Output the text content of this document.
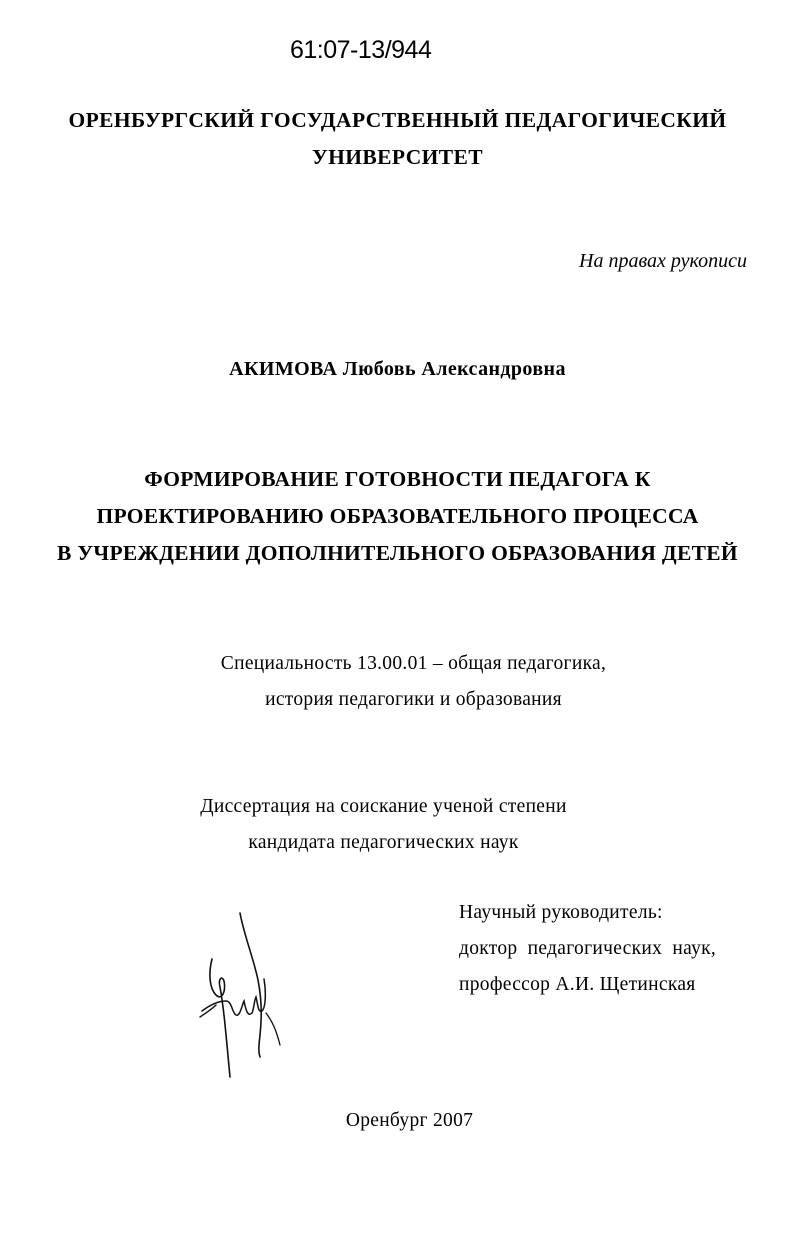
61:07-13/944
ОРЕНБУРГСКИЙ ГОСУДАРСТВЕННЫЙ ПЕДАГОГИЧЕСКИЙ
УНИВЕРСИТЕТ
На правах рукописи
АКИМОВА Любовь Александровна
ФОРМИРОВАНИЕ ГОТОВНОСТИ ПЕДАГОГА К
ПРОЕКТИРОВАНИЮ ОБРАЗОВАТЕЛЬНОГО ПРОЦЕССА
В УЧРЕЖДЕНИИ ДОПОЛНИТЕЛЬНОГО ОБРАЗОВАНИЯ ДЕТЕЙ
Специальность 13.00.01 – общая педагогика,
история педагогики и образования
Диссертация на соискание ученой степени
кандидата педагогических наук
Научный руководитель:
доктор педагогических наук,
профессор А.И. Щетинская
Оренбург 2007
